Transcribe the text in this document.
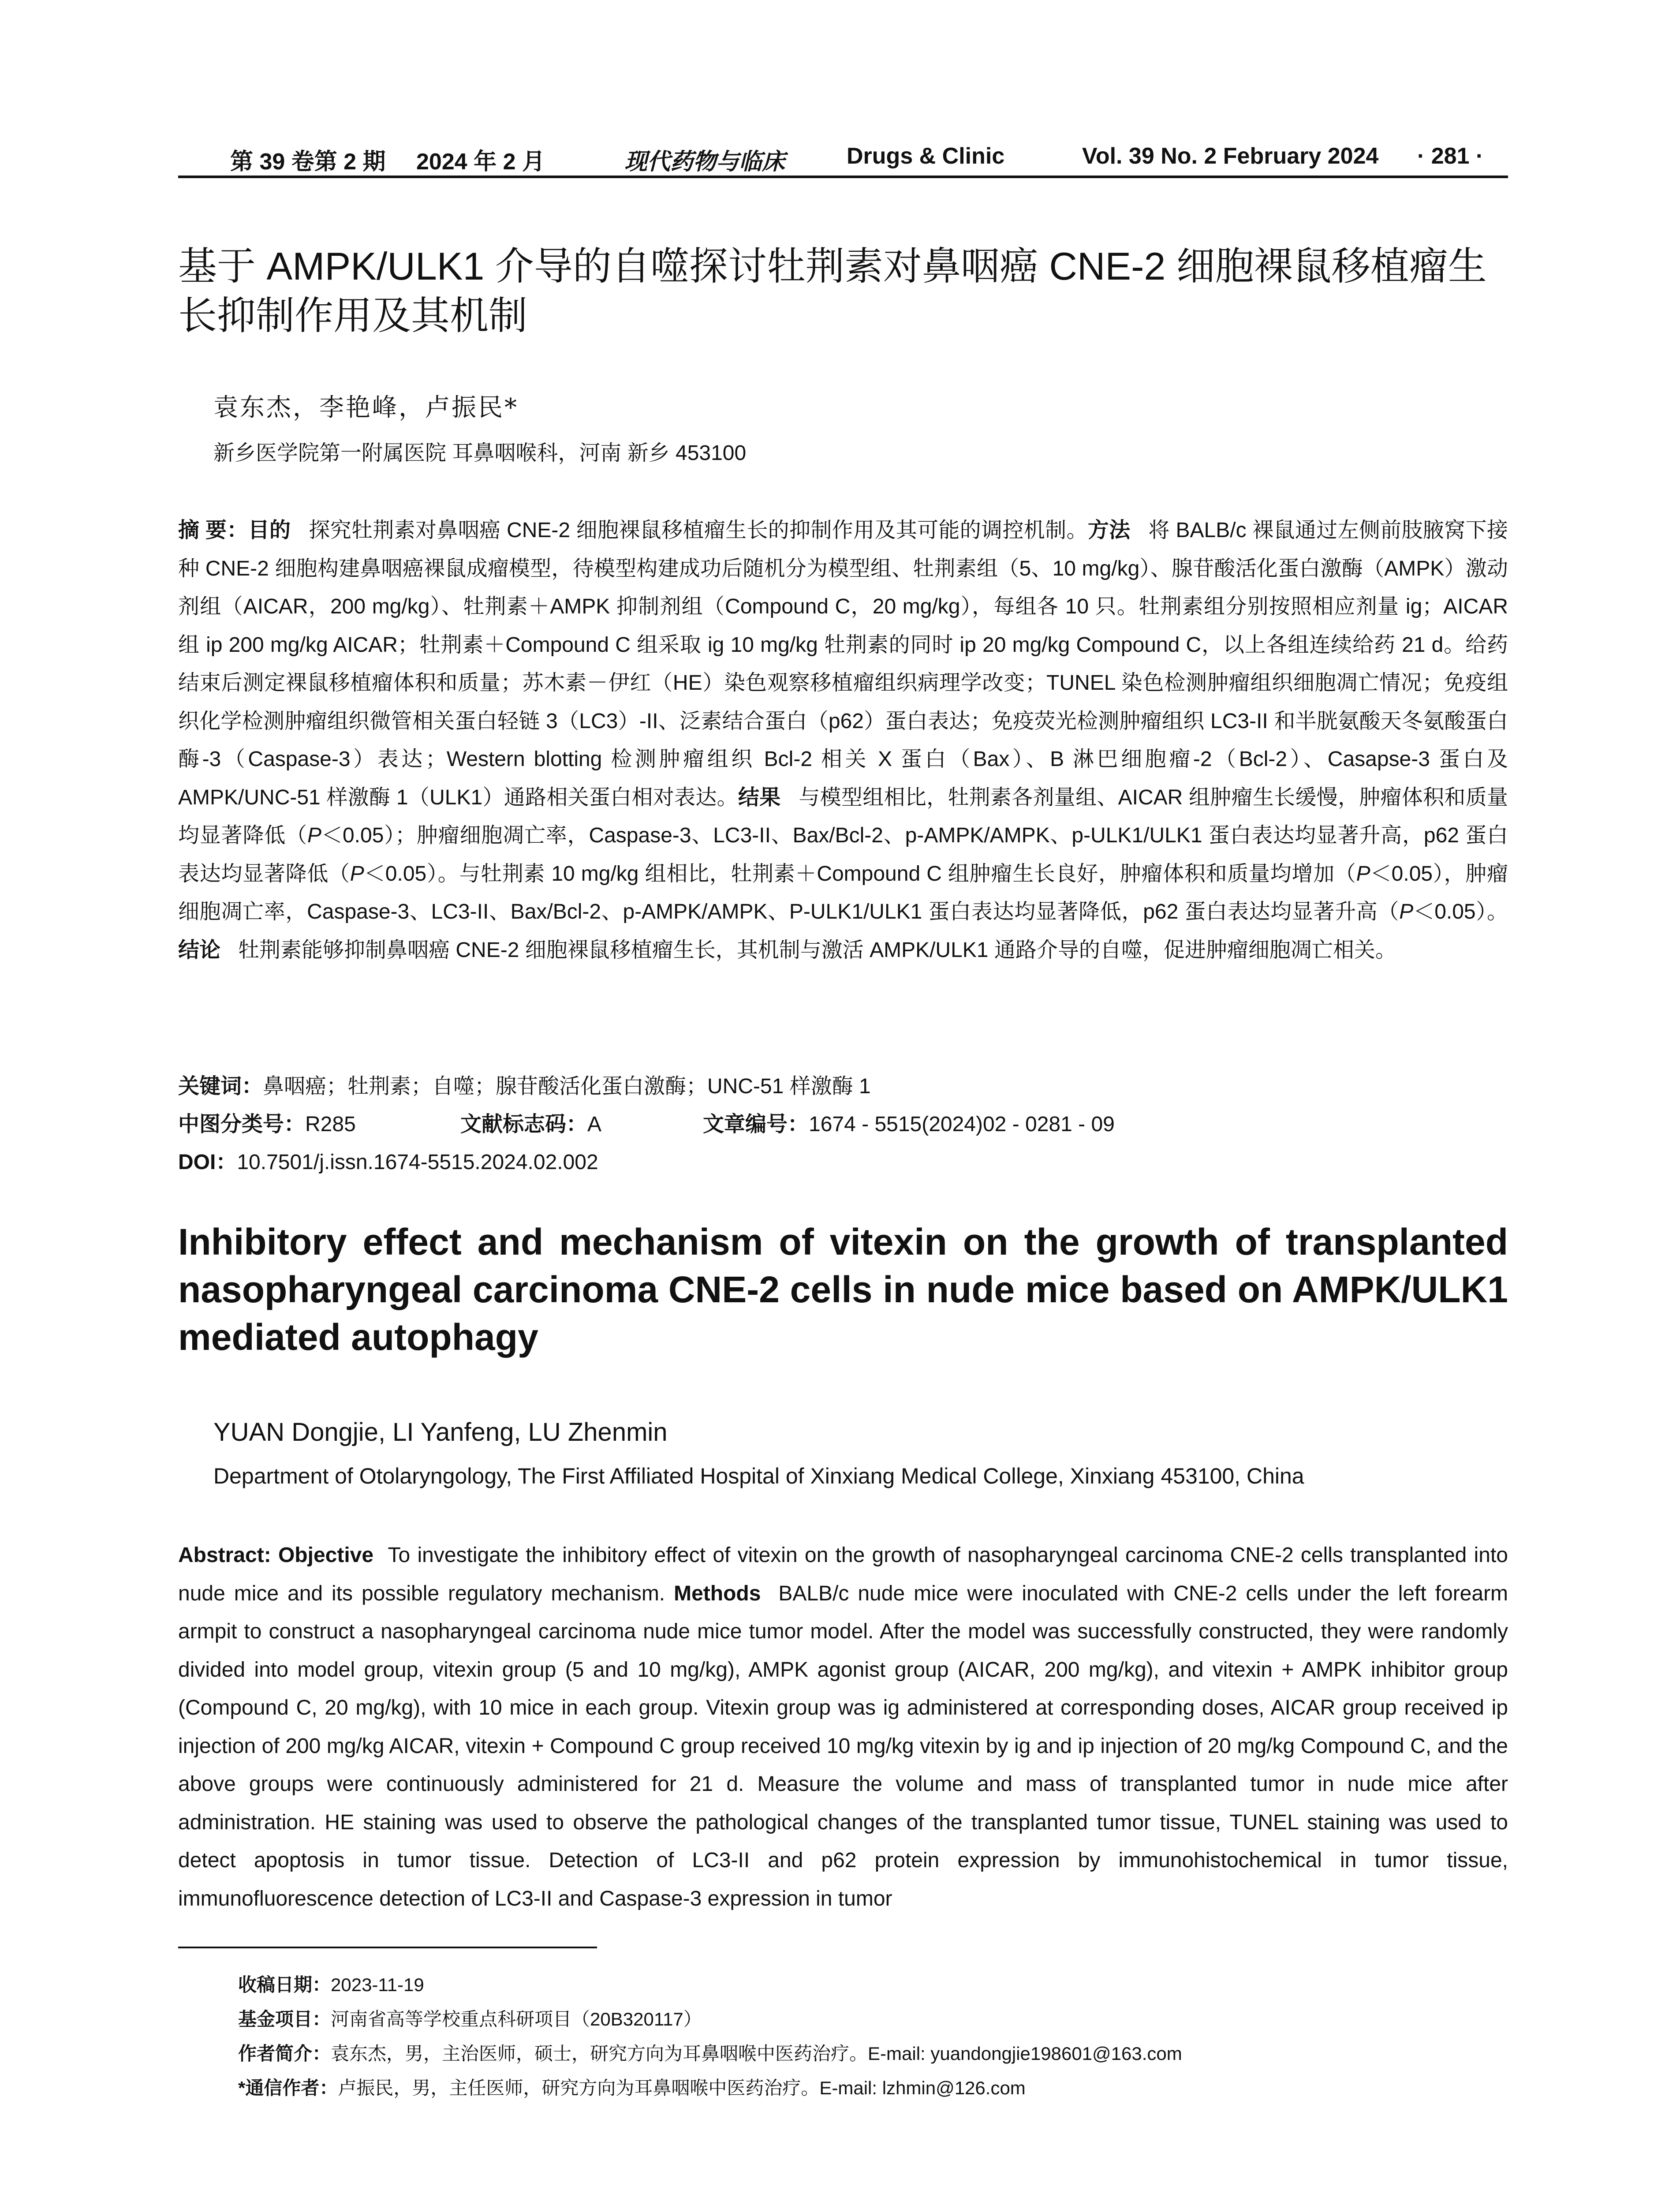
第 39 卷第 2 期 2024 年 2 月	现代药物与临床	Drugs & Clinic	Vol. 39 No. 2 February 2024 · 281 ·
基于 AMPK/ULK1 介导的自噬探讨牡荆素对鼻咽癌 CNE-2 细胞裸鼠移植瘤生长抑制作用及其机制
袁东杰，李艳峰，卢振民*
新乡医学院第一附属医院 耳鼻咽喉科，河南 新乡 453100
摘 要：目的 探究牡荆素对鼻咽癌 CNE-2 细胞裸鼠移植瘤生长的抑制作用及其可能的调控机制。方法 将 BALB/c 裸鼠通过左侧前肢腋窝下接种 CNE-2 细胞构建鼻咽癌裸鼠成瘤模型，待模型构建成功后随机分为模型组、牡荆素组（5、10 mg/kg）、腺苷酸活化蛋白激酶（AMPK）激动剂组（AICAR，200 mg/kg）、牡荆素＋AMPK 抑制剂组（Compound C，20 mg/kg），每组各 10 只。牡荆素组分别按照相应剂量 ig；AICAR 组 ip 200 mg/kg AICAR；牡荆素＋Compound C 组采取 ig 10 mg/kg 牡荆素的同时 ip 20 mg/kg Compound C，以上各组连续给药 21 d。给药结束后测定裸鼠移植瘤体积和质量；苏木素－伊红（HE）染色观察移植瘤组织病理学改变；TUNEL 染色检测肿瘤组织细胞凋亡情况；免疫组织化学检测肿瘤组织微管相关蛋白轻链 3（LC3）-II、泛素结合蛋白（p62）蛋白表达；免疫荧光检测肿瘤组织 LC3-II 和半胱氨酸天冬氨酸蛋白酶-3（Caspase-3）表达；Western blotting 检测肿瘤组织 Bcl-2 相关 X 蛋白（Bax）、B 淋巴细胞瘤-2（Bcl-2）、Casapse-3 蛋白及 AMPK/UNC-51 样激酶 1（ULK1）通路相关蛋白相对表达。结果 与模型组相比，牡荆素各剂量组、AICAR 组肿瘤生长缓慢，肿瘤体积和质量均显著降低（P＜0.05）；肿瘤细胞凋亡率，Caspase-3、LC3-II、Bax/Bcl-2、p-AMPK/AMPK、p-ULK1/ULK1 蛋白表达均显著升高，p62 蛋白表达均显著降低（P＜0.05）。与牡荆素 10 mg/kg 组相比，牡荆素＋Compound C 组肿瘤生长良好，肿瘤体积和质量均增加（P＜0.05），肿瘤细胞凋亡率，Caspase-3、LC3-II、Bax/Bcl-2、p-AMPK/AMPK、P-ULK1/ULK1 蛋白表达均显著降低，p62 蛋白表达均显著升高（P＜0.05）。结论 牡荆素能够抑制鼻咽癌 CNE-2 细胞裸鼠移植瘤生长，其机制与激活 AMPK/ULK1 通路介导的自噬，促进肿瘤细胞凋亡相关。
关键词：鼻咽癌；牡荆素；自噬；腺苷酸活化蛋白激酶；UNC-51 样激酶 1
中图分类号：R285	文献标志码：A	文章编号：1674 - 5515(2024)02 - 0281 - 09
DOI：10.7501/j.issn.1674-5515.2024.02.002
Inhibitory effect and mechanism of vitexin on the growth of transplanted nasopharyngeal carcinoma CNE-2 cells in nude mice based on AMPK/ULK1 mediated autophagy
YUAN Dongjie, LI Yanfeng, LU Zhenmin
Department of Otolaryngology, The First Affiliated Hospital of Xinxiang Medical College, Xinxiang 453100, China
Abstract: Objective To investigate the inhibitory effect of vitexin on the growth of nasopharyngeal carcinoma CNE-2 cells transplanted into nude mice and its possible regulatory mechanism. Methods BALB/c nude mice were inoculated with CNE-2 cells under the left forearm armpit to construct a nasopharyngeal carcinoma nude mice tumor model. After the model was successfully constructed, they were randomly divided into model group, vitexin group (5 and 10 mg/kg), AMPK agonist group (AICAR, 200 mg/kg), and vitexin + AMPK inhibitor group (Compound C, 20 mg/kg), with 10 mice in each group. Vitexin group was ig administered at corresponding doses, AICAR group received ip injection of 200 mg/kg AICAR, vitexin + Compound C group received 10 mg/kg vitexin by ig and ip injection of 20 mg/kg Compound C, and the above groups were continuously administered for 21 d. Measure the volume and mass of transplanted tumor in nude mice after administration. HE staining was used to observe the pathological changes of the transplanted tumor tissue, TUNEL staining was used to detect apoptosis in tumor tissue. Detection of LC3-II and p62 protein expression by immunohistochemical in tumor tissue, immunofluorescence detection of LC3-II and Caspase-3 expression in tumor
收稿日期：2023-11-19
基金项目：河南省高等学校重点科研项目（20B320117）
作者简介：袁东杰，男，主治医师，硕士，研究方向为耳鼻咽喉中医药治疗。E-mail: yuandongjie198601@163.com
*通信作者：卢振民，男，主任医师，研究方向为耳鼻咽喉中医药治疗。E-mail: lzhmin@126.com
